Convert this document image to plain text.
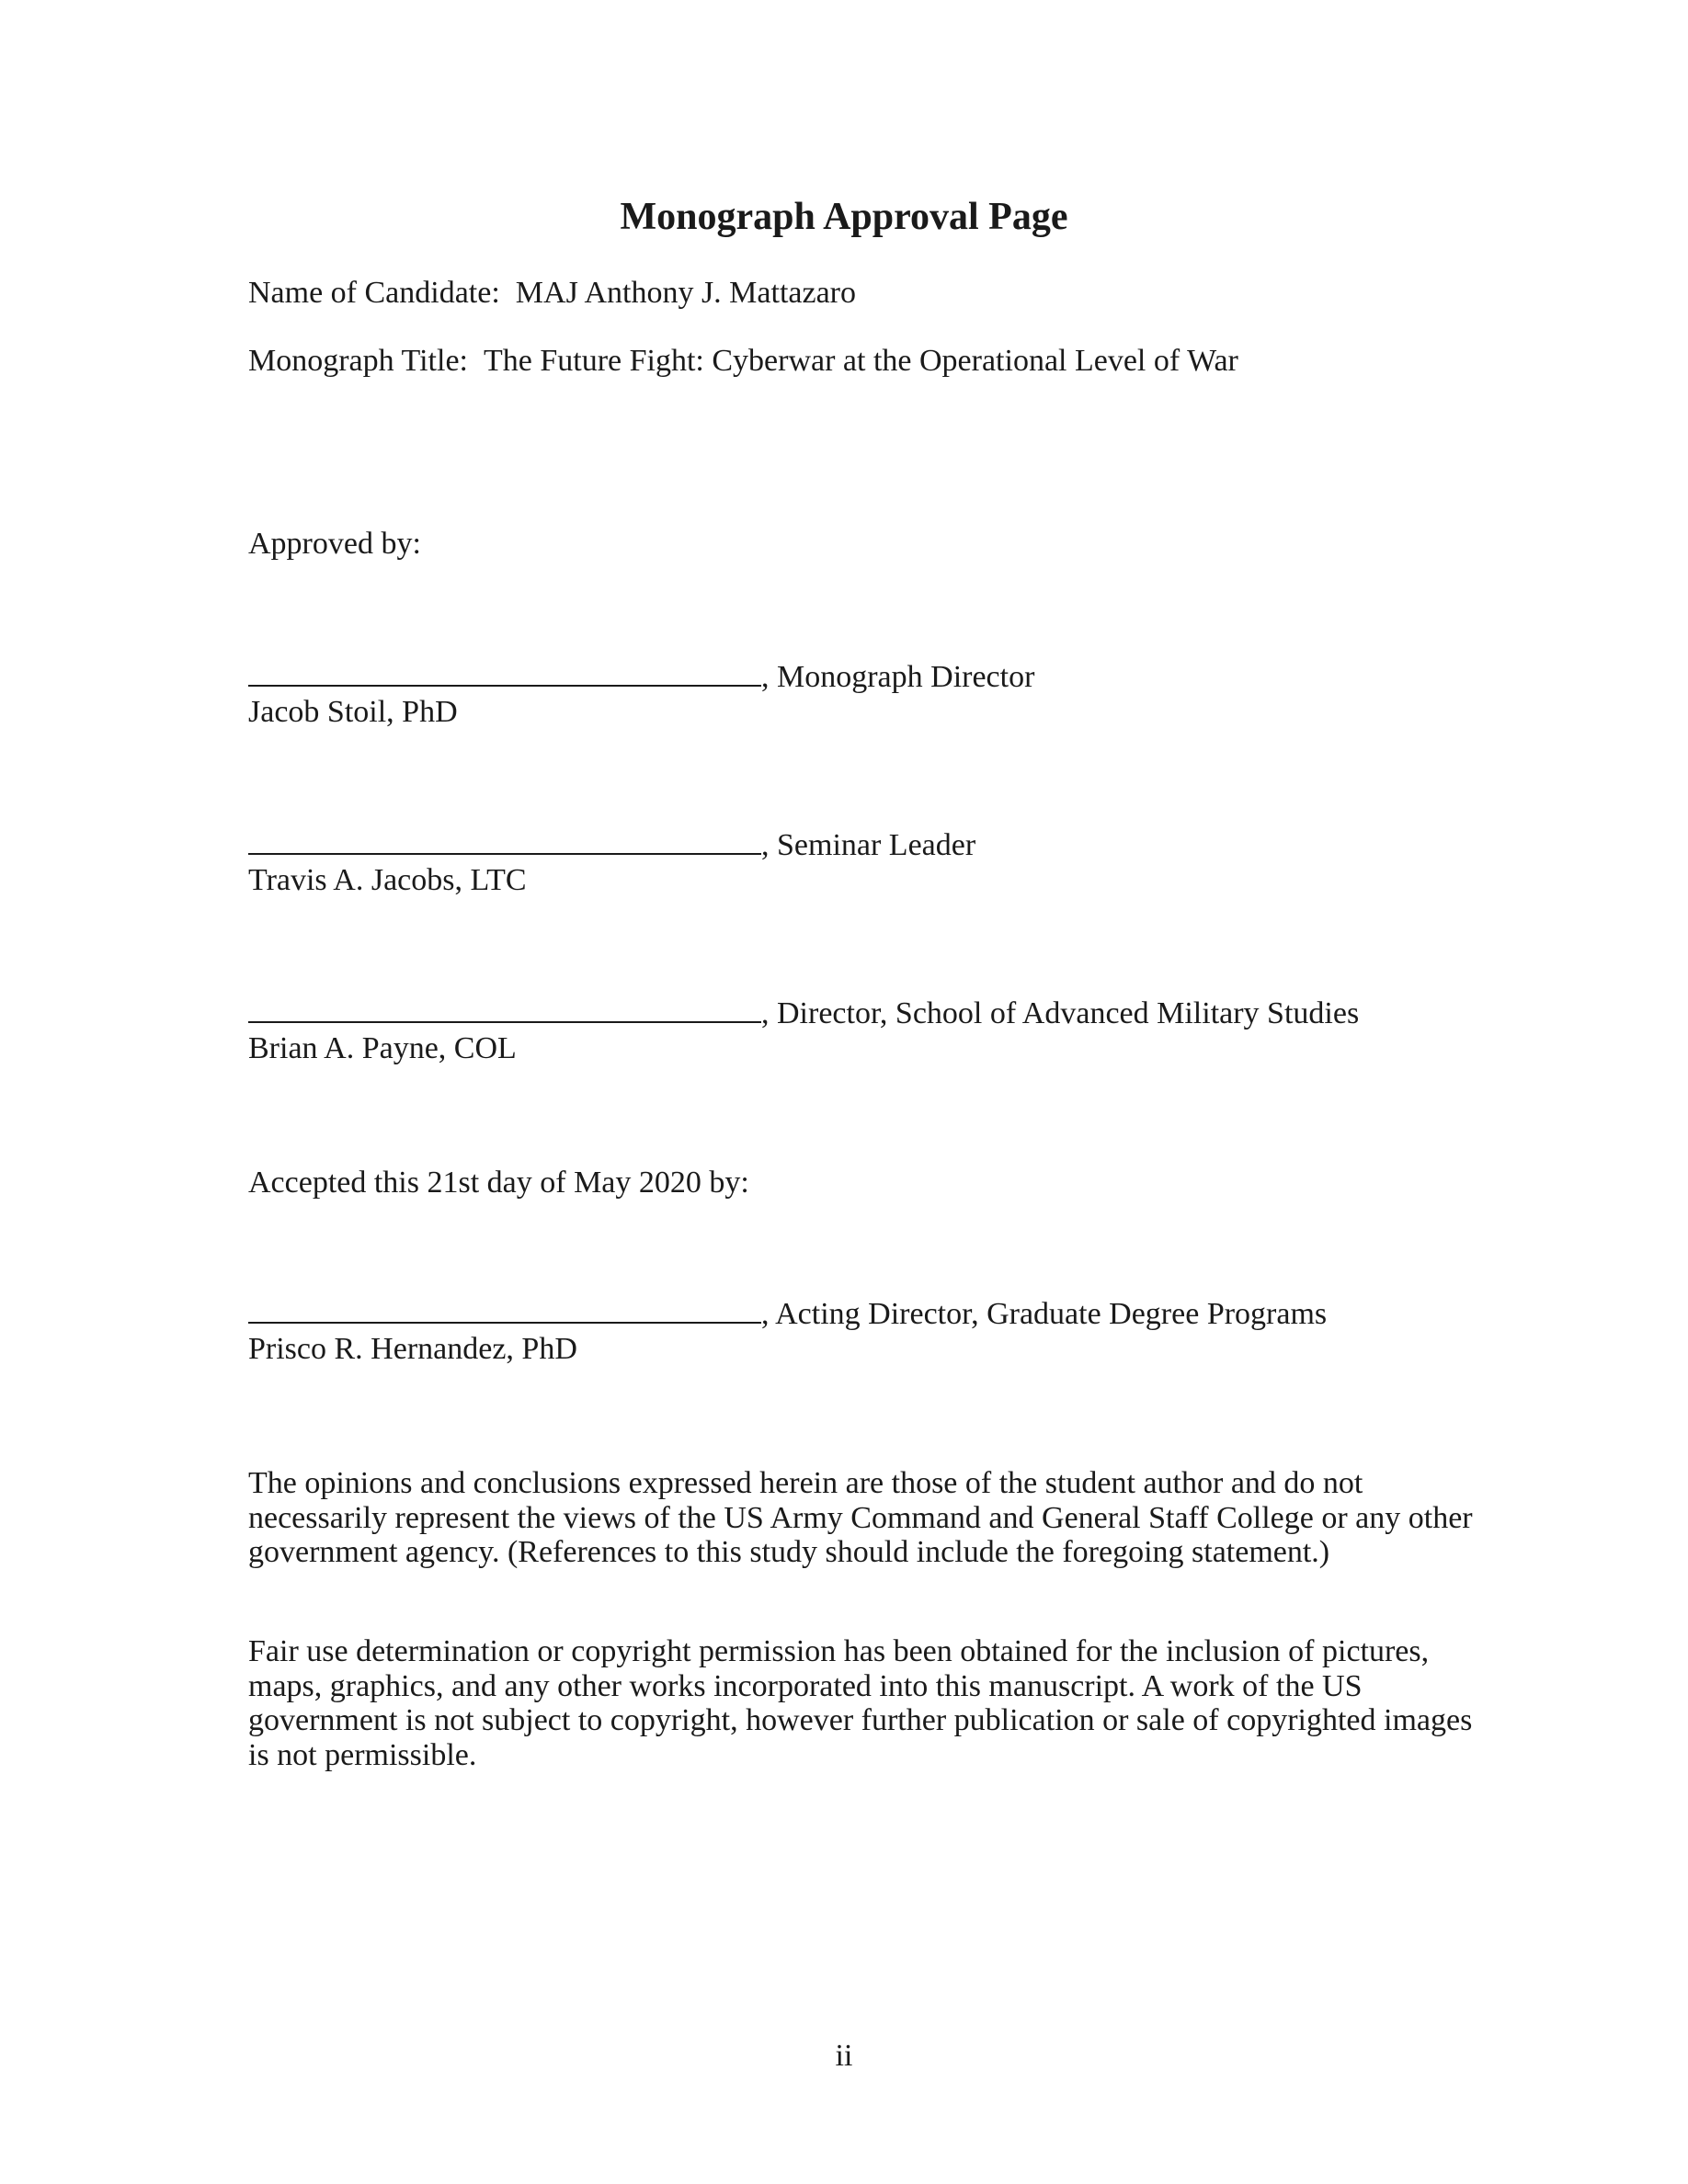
Monograph Approval Page

Name of Candidate: MAJ Anthony J. Mattazaro

Monograph Title: The Future Fight: Cyberwar at the Operational Level of War

Approved by:

, Monograph Director

Jacob Stoil, PhD

, Seminar Leader

Travis A. Jacobs, LTC

, Director, School of Advanced Military Studies

Brian A. Payne, COL

Accepted this 21st day of May 2020 by:

, Acting Director, Graduate Degree Programs

Prisco R. Hernandez, PhD

The opinions and conclusions expressed herein are those of the student author and do not
necessarily represent the views of the US Army Command and General Staff College or any other
government agency. (References to this study should include the foregoing statement.)
Fair use determination or copyright permission has been obtained for the inclusion of pictures,
maps, graphics, and any other works incorporated into this manuscript. A work of the US
government is not subject to copyright, however further publication or sale of copyrighted images
is not permissible.

ii
